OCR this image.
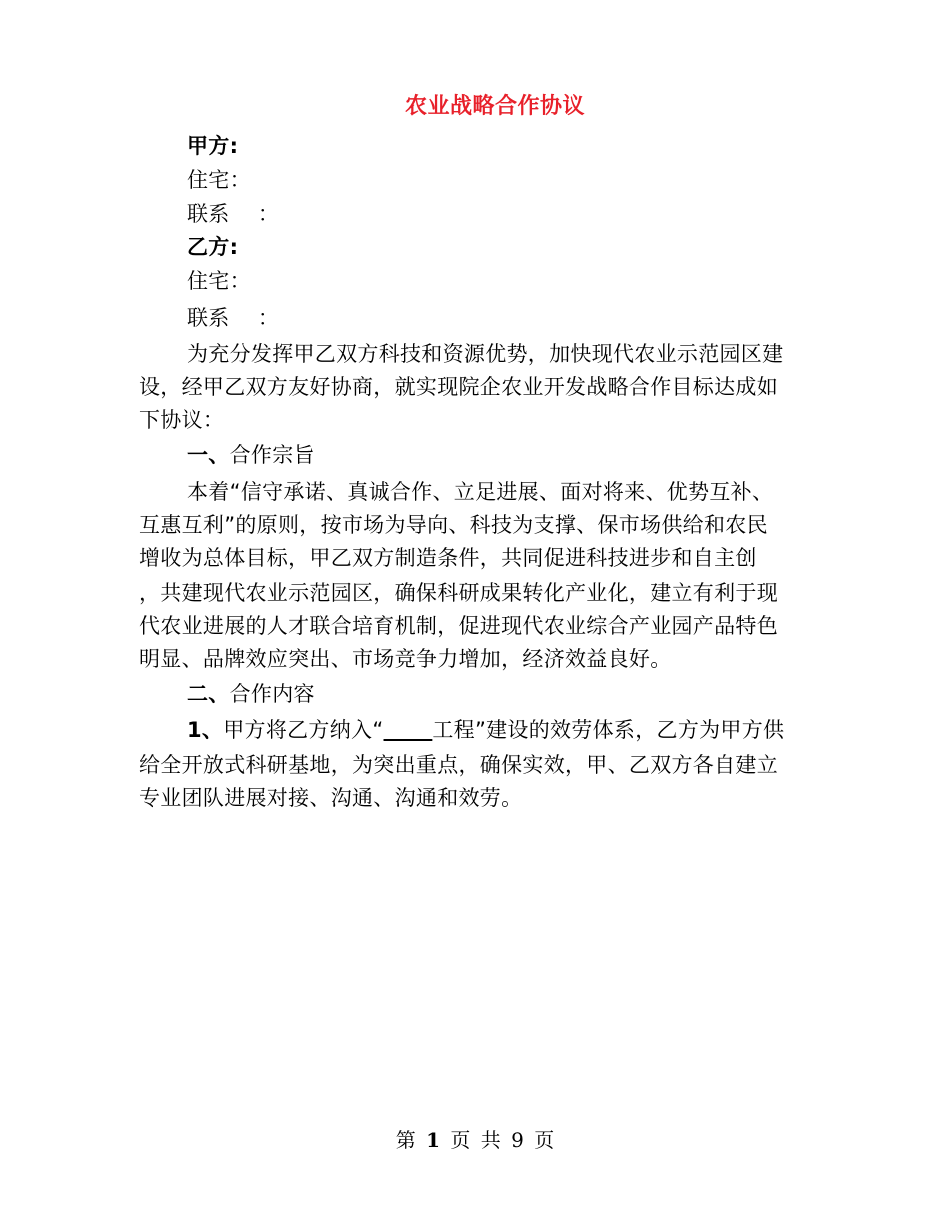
农业战略合作协议
甲方:
住宅：
联系　 ：
乙方:
住宅：
联系　 ：
为充分发挥甲乙双方科技和资源优势，加快现代农业示范园区建
设，经甲乙双方友好协商，就实现院企农业开发战略合作目标达成如
下协议：
一、合作宗旨
本着“信守承诺、真诚合作、立足进展、面对将来、优势互补、
互惠互利”的原则，按市场为导向、科技为支撑、保市场供给和农民
增收为总体目标，甲乙双方制造条件，共同促进科技进步和自主创
，共建现代农业示范园区，确保科研成果转化产业化，建立有利于现
代农业进展的人才联合培育机制，促进现代农业综合产业园产品特色
明显、品牌效应突出、市场竞争力增加，经济效益良好。
二、合作内容
1、甲方将乙方纳入“ 工程”建设的效劳体系，乙方为甲方供
给全开放式科研基地，为突出重点，确保实效，甲、乙双方各自建立
专业团队进展对接、沟通、沟通和效劳。
第 1 页 共 9 页
